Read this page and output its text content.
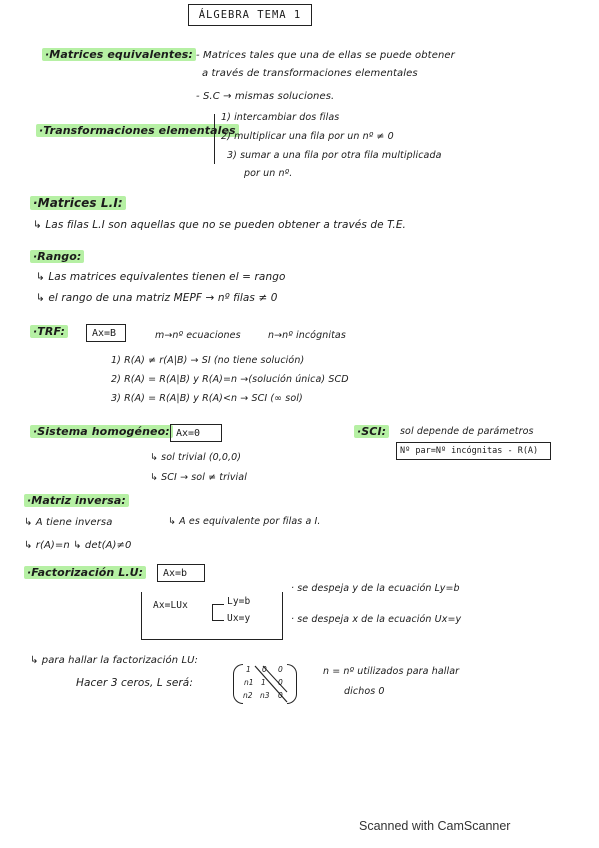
ÁLGEBRA TEMA 1
·Matrices equivalentes: - Matrices tales que una de ellas se puede obtener
a través de transformaciones elementales
- S.C → mismas soluciones.
·Transformaciones elementales
1) intercambiar dos filas
2) multiplicar una fila por un nº ≠ 0
3) sumar a una fila por otra fila multiplicada
por un nº.
·Matrices L.I:
↳ Las filas L.I son aquellas que no se pueden obtener a través de T.E.
·Rango:
↳ Las matrices equivalentes tienen el = rango
↳ el rango de una matriz MEPF → nº filas ≠ 0
·TRF:	Ax=B	m→nº ecuaciones	n→nº incógnitas
1) R(A) ≠ r(A|B) → SI (no tiene solución)
2) R(A) = R(A|B) y R(A)=n →(solución única) SCD
3) R(A) = R(A|B) y R(A)<n → SCI (∞ sol)
·Sistema homogéneo: Ax=0
↳ sol trivial (0,0,0)
↳ SCI → sol ≠ trivial
·SCI:	sol depende de parámetros
Nº par=Nº incógnitas - R(A)
·Matriz inversa:
↳ A tiene inversa	↳ A es equivalente por filas a I.
↳ r(A)=n ↳ det(A)≠0
·Factorización L.U:	Ax=b
Ax=LUx	Ly=b
Ux=y
· se despeja y de la ecuación Ly=b
· se despeja x de la ecuación Ux=y
↳ para hallar la factorización LU:
Hacer 3 ceros, L será:
1 0 0
n1 1 0
n2 n3 0
n = nº utilizados para hallar
dichos 0
Scanned with CamScanner
